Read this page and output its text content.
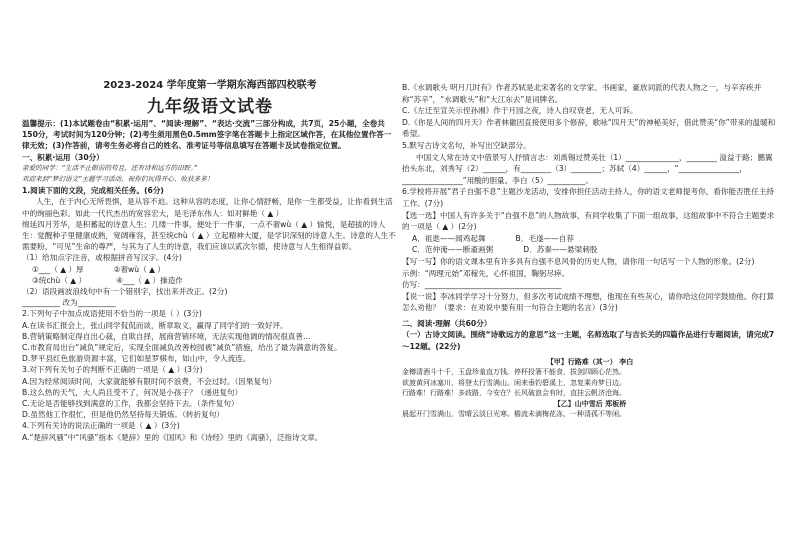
2023-2024 学年度第一学期东海西部四校联考
九年级语文试卷

温馨提示：(1)本试题卷由“积累·运用”、“阅读·理解”、“表达·交流”三部分构成，共7页，25小题，全卷共150分，考试时间为120分钟；(2)考生须用黑色0.5mm签字笔在答题卡上指定区域作答，在其他位置作答一律无效；(3)作答前，请考生务必将自己的姓名、准考证号等信息填写在答题卡及试卷指定位置。

一、积累·运用（30分）

亲爱的同学：“生活不止眼前的苟且，还有诗和远方的田野。”

欢迎来到“梦幻语文”主题学习活动，祝你们玩得开心、收获多多！

1.阅读下面的文段，完成相关任务。(6分)

人生，在于内心无所畏惧，是从容不迫。这种从容的态度，让你心情舒畅，是你一生都受益，让你看到生活中的绚丽色彩。如此一代代杰出的宽容宏大，是毛泽东伟人：如对鲜艳（ ▲ ）

绵延四月芳华，是积蓄起的诗意人生；几缕一件事，便处于一件事，一点不奢wù（ ▲ ）愉悦，是超拔的诗人生：觉醒种子里健康成熟，宽阔雍容，甚至统chù（ ▲ ）立起精神大厦，是学识深刻的诗意人生。诗意的人生不需要粉，“可见”生命的尊严，与其为了人生的诗意，我们应该以贰次尔德，使诗意与人生相得益彰。

（1）给加点字注音，或根据拼音写汉字。(4分)

①___（ ▲ ）厚	②奢wù（ ▲ ）
③统chù（ ▲ ）	④___（ ▲ ）操造作

（2）语段画波浪线句中有一个错别字，找出来并改正。(2分)

__________ 改为__________

2.下列句子中加点成语使用不恰当的一项是（ ）(3分)

A.在读书汇报会上，张山同学侃侃而谈，断章取义，赢得了同学们的一致好评。

B.营销策略制定得自出心裁，自欺自择，展商营销环境，无法实现他调的情况很真善…

C.市教育局出台“减负”规定后，实现全面减负改善校园被“减负”措施，给出了最为满意的答复。

D.梦平县红色旅游资源丰富，它们如星罗棋布，如山中，令人流连。

3.对下列有关句子的判断不正确的一项是（ ▲ ）(3分)

A.因为经常阅读时间，大家就能够有限时间不浪费，不会过时。（因果复句）

B.这么热的天气，大人尚且受不了，何况是小孩子？（递进复句）

C.无论是否能够找到满意的工作，我都会坚持下去。（条件复句）

D.虽然他工作很忙，但是他仍然坚持每天锻炼。（转折复句）

4.下列有关诗的说法正确的一项是（ ▲ ）(3分)

A.“楚辞风骚”中“风骚”指本《楚辞》里的《国风》和《诗经》里的《离骚》，泛指诗文章。

B.《水调歌头 明月几时有》作者苏轼是北宋著名的文学家、书画家，豪放词派的代表人物之一，与辛弃疾并称“苏辛”，“水调歌头”和“大江东去”是词牌名。

C.《左迁至宣关示侄孙湘》作于月园之夜，诗人自叹衰老，无人可诉。

D.《你是人间的四月天》作者林徽因直接使用多个修辞，歌咏“四月天”的神秘美好，借此赞美“你”带来的温暖和希望。

5.默写古诗文名句，补写出空缺部分。

中国文人常在诗文中借景写人抒情言志：刘禹锡过赞美壮（1）______________，________ 溢益于路；鹏翼抬头东北，刘秀写（2）______，有________（3）________；苏轼（4）______，“________________，________________”用酸的胆量。李白（5）__________。

6.学校将开展“君子自强不息”主题沙龙活动，安排你担任活动主持人，你的语文老师提考你，看你能否胜任主持工作。(7分)

【选一选】中国人有许多关于“自强不息”的人物故事，有同学收集了下面一组故事，这组故事中不符合主题要求的一项是（ ▲ ）(2分)

A．祖逖——闻鸡起舞	B．毛遂——自荐
C．范仲淹——断齑画粥	D．苏秦——悬梁刺股

【写一写】你的语文课本里有许多具有自强不息风骨的历史人物，请你用一句话写一个人物的形象。(2分)

示例：“两理元始”邓稼先，心怀祖国，鞠躬尽瘁。

仿写：____________________________________

【说一说】李冰同学学习十分努力，但多次考试成绩不理想，他现在有些灰心，请你给这位同学鼓励他。你打算怎么劝他？（要求：在劝说中要有用一句符合主题的名言）(3分)

二、阅读·理解（共60分）

（一）古诗文阅读。围绕“诗歌远方的意思”这一主题，名师选取了与吉长关的四篇作品进行专题阅读，请完成7～12题。(22分)

【甲】行路难（其一） 李白

金樽清酒斗十千，玉盘珍羞直万钱。停杯投箸不能食，拔剑四顾心茫然。

欲渡黄河冰塞川，将登太行雪满山。闲来垂钓碧溪上，忽复乘舟梦日边。

行路难！行路难！多歧路，今安在？长风破浪会有时，直挂云帆济沧海。

【乙】山中雪后 郑板桥

晨起开门雪满山，雪晴云淡日光寒。檐流未滴梅花冻，一种清孤不等闲。
